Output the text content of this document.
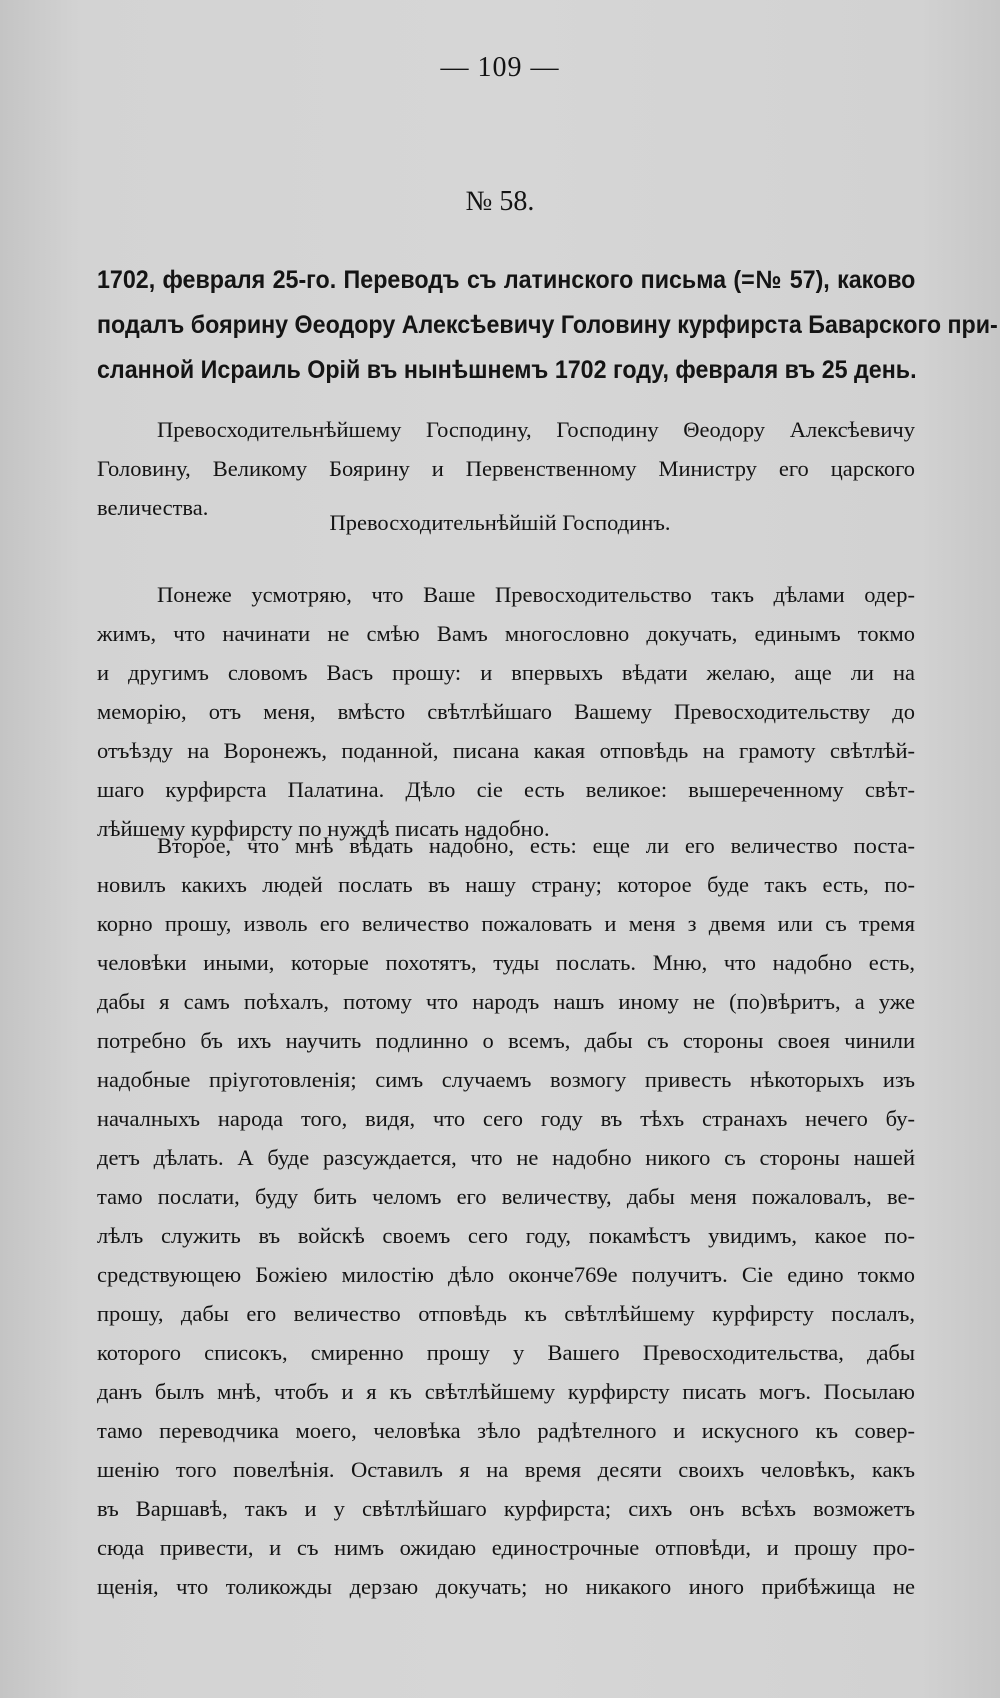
— 109 —
№ 58.
1702, февраля 25-го. Переводъ съ латинского письма (=№ 57), каково
подалъ боярину Θеодору Алексѣевичу Головину курфирста Баварского при-
сланной Исраиль Орій въ нынѣшнемъ 1702 году, февраля въ 25 день.
Превосходительнѣйшему Господину, Господину Θеодору Алексѣевичу
Головину, Великому Боярину и Первенственному Министру его царского
величества.
Превосходительнѣйшій Господинъ.
Понеже усмотряю, что Ваше Превосходительство такъ дѣлами одер-
жимъ, что начинати не смѣю Вамъ многословно докучать, единымъ токмо
и другимъ словомъ Васъ прошу: и впервыхъ вѣдати желаю, аще ли на
меморію, отъ меня, вмѣсто свѣтлѣйшаго Вашему Превосходительству до
отъѣзду на Воронежъ, поданной, писана какая отповѣдь на грамоту свѣтлѣй-
шаго курфирста Палатина. Дѣло сіе есть великое: вышереченному свѣт-
лѣйшему курфирсту по нуждѣ писать надобно.
Второе, что мнѣ вѣдать надобно, есть: еще ли его величество поста-
новилъ какихъ людей послать въ нашу страну; которое буде такъ есть, по-
корно прошу, изволь его величество пожаловать и меня з двемя или съ тремя
человѣки иными, которые похотятъ, туды послать. Мню, что надобно есть,
дабы я самъ поѣхалъ, потому что народъ нашъ иному не (по)вѣритъ, а уже
потребно бъ ихъ научить подлинно о всемъ, дабы съ стороны своея чинили
надобные пріуготовленія; симъ случаемъ возмогу привесть нѣкоторыхъ изъ
началныхъ народа того, видя, что сего году въ тѣхъ странахъ нечего бу-
детъ дѣлать. А буде разсуждается, что не надобно никого съ стороны нашей
тамо послати, буду бить челомъ его величеству, дабы меня пожаловалъ, ве-
лѣлъ служить въ войскѣ своемъ сего году, покамѣстъ увидимъ, какое по-
средствующею Божіею милостію дѣло оконче769е получитъ. Сіе едино токмо
прошу, дабы его величество отповѣдь къ свѣтлѣйшему курфирсту послалъ,
которого списокъ, смиренно прошу у Вашего Превосходительства, дабы
данъ былъ мнѣ, чтобъ и я къ свѣтлѣйшему курфирсту писать могъ. Посылаю
тамо переводчика моего, человѣка зѣло радѣтелного и искусного къ совер-
шенію того повелѣнія. Оставилъ я на время десяти своихъ человѣкъ, какъ
въ Варшавѣ, такъ и у свѣтлѣйшаго курфирста; сихъ онъ всѣхъ возможетъ
сюда привести, и съ нимъ ожидаю единострочные отповѣди, и прошу про-
щенія, что толикожды дерзаю докучать; но никакого иного прибѣжища не
